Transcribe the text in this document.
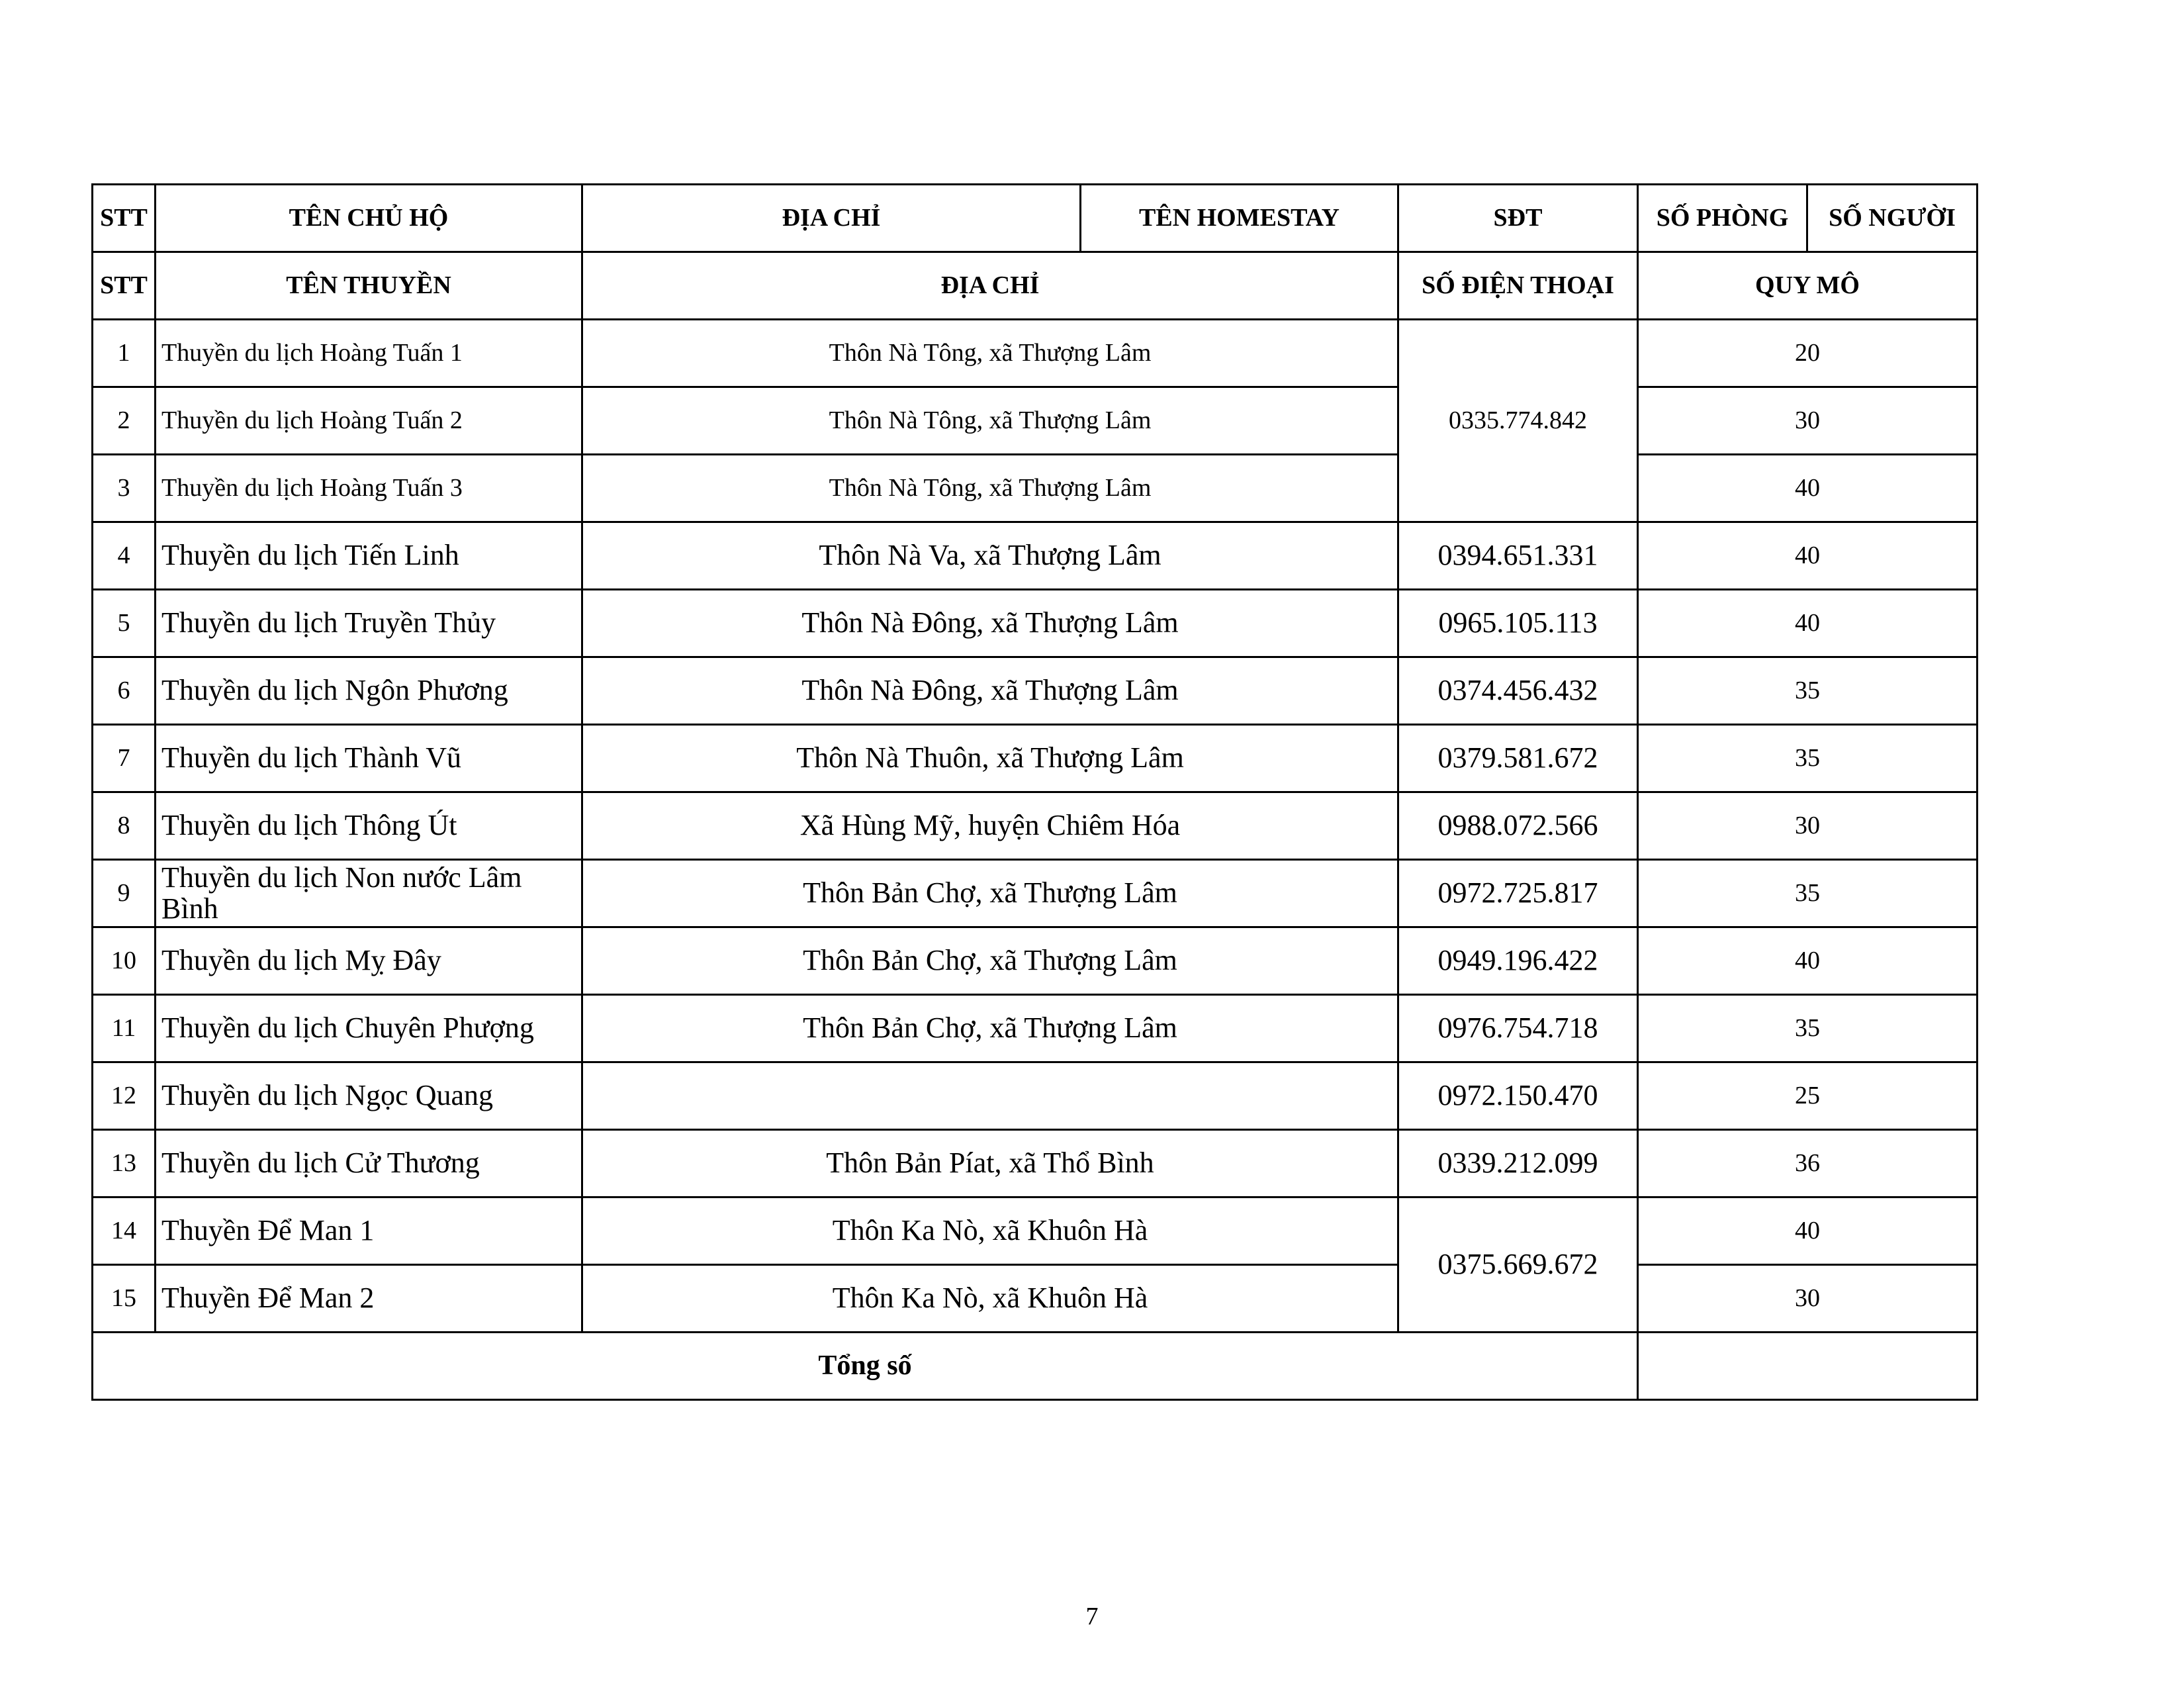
STT	TÊN CHỦ HỘ	ĐỊA CHỈ	TÊN HOMESTAY	SĐT	SỐ PHÒNG	SỐ NGƯỜI
STT	TÊN THUYỀN	ĐỊA CHỈ		SỐ ĐIỆN THOẠI	QUY MÔ	
1	Thuyền du lịch Hoàng Tuấn 1	Thôn Nà Tông, xã Thượng Lâm		0335.774.842	20	
2	Thuyền du lịch Hoàng Tuấn 2	Thôn Nà Tông, xã Thượng Lâm			30	
3	Thuyền du lịch Hoàng Tuấn 3	Thôn Nà Tông, xã Thượng Lâm			40	
4	Thuyền du lịch Tiến Linh	Thôn Nà Va, xã Thượng Lâm		0394.651.331	40	
5	Thuyền du lịch Truyền Thủy	Thôn Nà Đông, xã Thượng Lâm		0965.105.113	40	
6	Thuyền du lịch Ngôn Phương	Thôn Nà Đông, xã Thượng Lâm		0374.456.432	35	
7	Thuyền du lịch Thành Vũ	Thôn Nà Thuôn, xã Thượng Lâm		0379.581.672	35	
8	Thuyền du lịch Thông Út	Xã Hùng Mỹ, huyện Chiêm Hóa		0988.072.566	30	
9	Thuyền du lịch Non nước Lâm Bình	Thôn Bản Chợ, xã Thượng Lâm		0972.725.817	35	
10	Thuyền du lịch Mỵ Đây	Thôn Bản Chợ, xã Thượng Lâm		0949.196.422	40	
11	Thuyền du lịch Chuyên Phượng	Thôn Bản Chợ, xã Thượng Lâm		0976.754.718	35	
12	Thuyền du lịch Ngọc Quang			0972.150.470	25	
13	Thuyền du lịch Cử Thương	Thôn Bản Píat, xã Thổ Bình		0339.212.099	36	
14	Thuyền Để Man 1	Thôn Ka Nò, xã Khuôn Hà		0375.669.672	40	
15	Thuyền Để Man 2	Thôn Ka Nò, xã Khuôn Hà			30	
Tổng số						
7
